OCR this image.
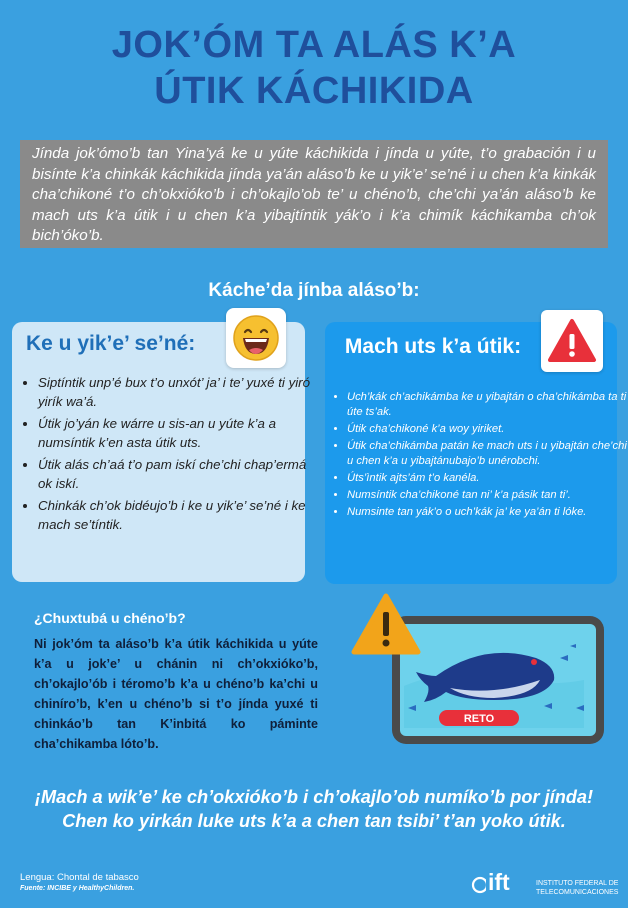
JOK’ÓM TA ALÁS K’A
ÚTIK KÁCHIKIDA
Jínda jok’ómo’b tan Yina’yá ke u yúte káchikida i jínda u yúte, t’o grabación i u bisínte k’a chinkák káchikida jínda ya’án aláso’b ke u yik’e’ se’né i u chen k’a kinkák cha’chikoné t’o ch’okxióko’b i ch’okajlo’ob te’ u chéno’b, che’chi ya’án aláso’b ke mach uts k’a útik i u chen k’a yibajtíntik yák’o i k’a chimík káchikamba ch’ok bich’óko’b.
Káche’da jínba aláso’b:
Ke u yik’e’ se’né:
• Siptíntik unp’é bux t’o unxót’ ja’ i te’ yuxé ti yiró yirík wa’á.
• Útik jo’yán ke wárre u sis-an u yúte k’a a numsíntik k’en asta útik uts.
• Útik alás ch’aá t’o pam iskí che’chi chap’ermá ok iskí.
• Chinkák ch’ok bidéujo’b i ke u yik’e’ se’né i ke mach se’tíntik.
Mach uts k’a útik:
• Uch’kák ch’achikámba ke u yibajtán o cha’chikámba ta ti úte ts’ak.
• Útik cha’chikoné k’a woy yiriket.
• Útik cha’chikámba patán ke mach uts i u yibajtán che’chi u chen k’a u yibajtánubajo’b unérobchi.
• Úts’ìntik ajts’ám t’o kanéla.
• Numsíntik cha’chikoné tan ni’ k’a pásik tan ti’.
• Numsinte tan yák’o o uch’kák ja’ ke ya’án ti lóke.
¿Chuxtubá u chéno’b?
Ni jok’óm ta aláso’b k’a útik káchikida u yúte k’a u jok’e’ u chánin ni ch’okxióko’b, ch’okajlo’ób i téromo’b k’a u chéno’b ka’chi u chiníro’b, k’en u chéno’b si t’o jínda yuxé ti chinkáo’b tan K’inbitá ko páminte cha’chikamba lóto’b.
RETO
¡Mach a wik’e’ ke ch’okxióko’b i ch’okajlo’ob numíko’b por jínda!
Chen ko yirkán luke uts k’a a chen tan tsibi’ t’an yoko útik.
Lengua: Chontal de tabasco
Fuente: INCIBE y HealthyChildren.	ift	INSTITUTO FEDERAL DE
TELECOMUNICACIONES
